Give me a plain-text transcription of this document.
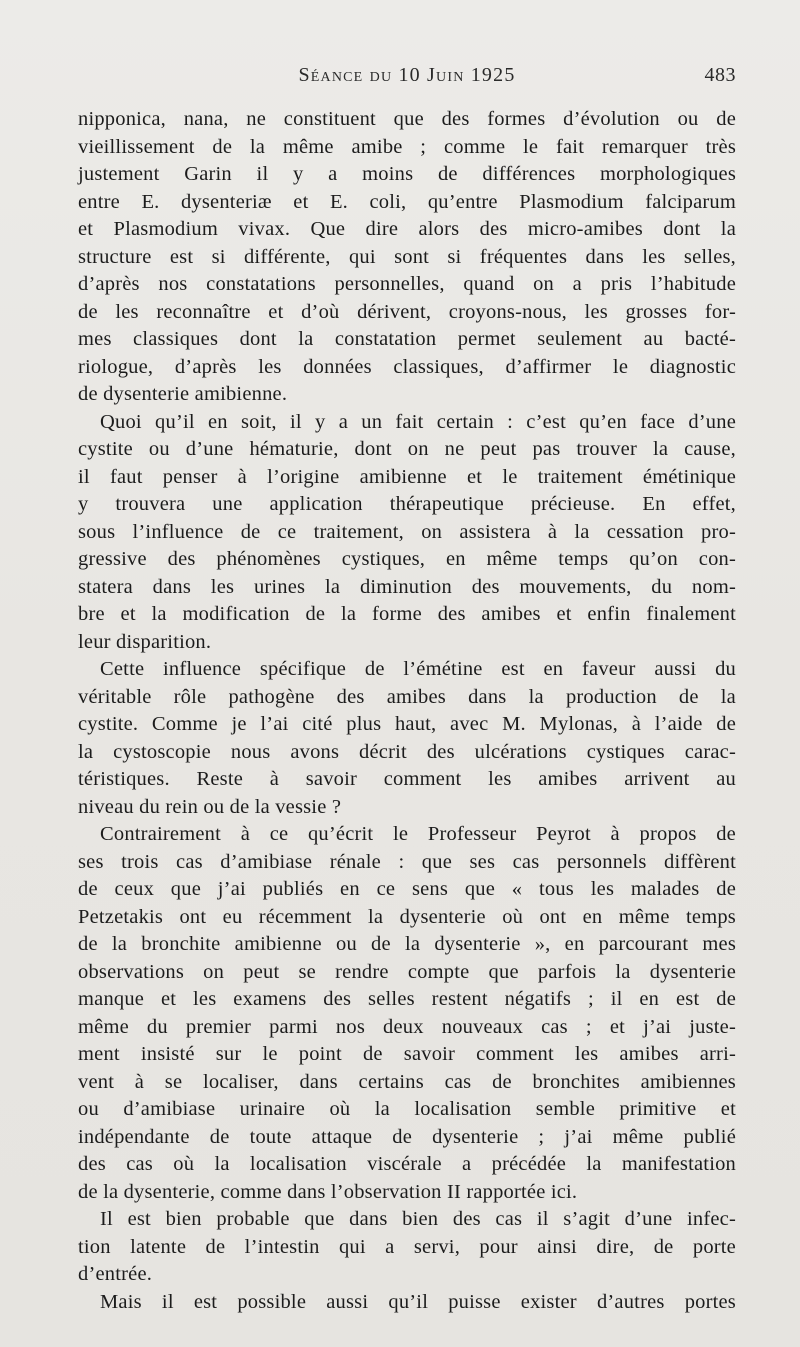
Séance du 10 Juin 1925	483
nipponica, nana, ne constituent que des formes d’évolution ou de
vieillissement de la même amibe ; comme le fait remarquer très
justement Garin il y a moins de différences morphologiques
entre E. dysenteriæ et E. coli, qu’entre Plasmodium falciparum
et Plasmodium vivax. Que dire alors des micro-amibes dont la
structure est si différente, qui sont si fréquentes dans les selles,
d’après nos constatations personnelles, quand on a pris l’habitude
de les reconnaître et d’où dérivent, croyons-nous, les grosses for-
mes classiques dont la constatation permet seulement au bacté-
riologue, d’après les données classiques, d’affirmer le diagnostic
de dysenterie amibienne.
Quoi qu’il en soit, il y a un fait certain : c’est qu’en face d’une
cystite ou d’une hématurie, dont on ne peut pas trouver la cause,
il faut penser à l’origine amibienne et le traitement émétinique
y trouvera une application thérapeutique précieuse. En effet,
sous l’influence de ce traitement, on assistera à la cessation pro-
gressive des phénomènes cystiques, en même temps qu’on con-
statera dans les urines la diminution des mouvements, du nom-
bre et la modification de la forme des amibes et enfin finalement
leur disparition.
Cette influence spécifique de l’émétine est en faveur aussi du
véritable rôle pathogène des amibes dans la production de la
cystite. Comme je l’ai cité plus haut, avec M. Mylonas, à l’aide de
la cystoscopie nous avons décrit des ulcérations cystiques carac-
téristiques. Reste à savoir comment les amibes arrivent au
niveau du rein ou de la vessie ?
Contrairement à ce qu’écrit le Professeur Peyrot à propos de
ses trois cas d’amibiase rénale : que ses cas personnels diffèrent
de ceux que j’ai publiés en ce sens que « tous les malades de
Petzetakis ont eu récemment la dysenterie où ont en même temps
de la bronchite amibienne ou de la dysenterie », en parcourant mes
observations on peut se rendre compte que parfois la dysenterie
manque et les examens des selles restent négatifs ; il en est de
même du premier parmi nos deux nouveaux cas ; et j’ai juste-
ment insisté sur le point de savoir comment les amibes arri-
vent à se localiser, dans certains cas de bronchites amibiennes
ou d’amibiase urinaire où la localisation semble primitive et
indépendante de toute attaque de dysenterie ; j’ai même publié
des cas où la localisation viscérale a précédée la manifestation
de la dysenterie, comme dans l’observation II rapportée ici.
Il est bien probable que dans bien des cas il s’agit d’une infec-
tion latente de l’intestin qui a servi, pour ainsi dire, de porte
d’entrée.
Mais il est possible aussi qu’il puisse exister d’autres portes
